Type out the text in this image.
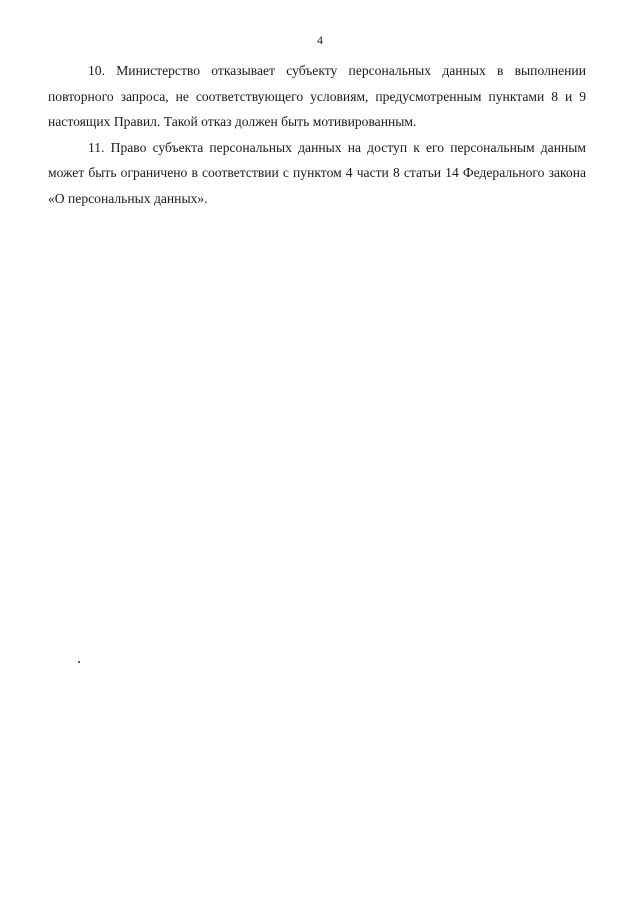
4

10. Министерство отказывает субъекту персональных данных в выполнении повторного запроса, не соответствующего условиям, предусмотренным пунктами 8 и 9 настоящих Правил. Такой отказ должен быть мотивированным.

11. Право субъекта персональных данных на доступ к его персональным данным может быть ограничено в соответствии с пунктом 4 части 8 статьи 14 Федерального закона «О персональных данных».
